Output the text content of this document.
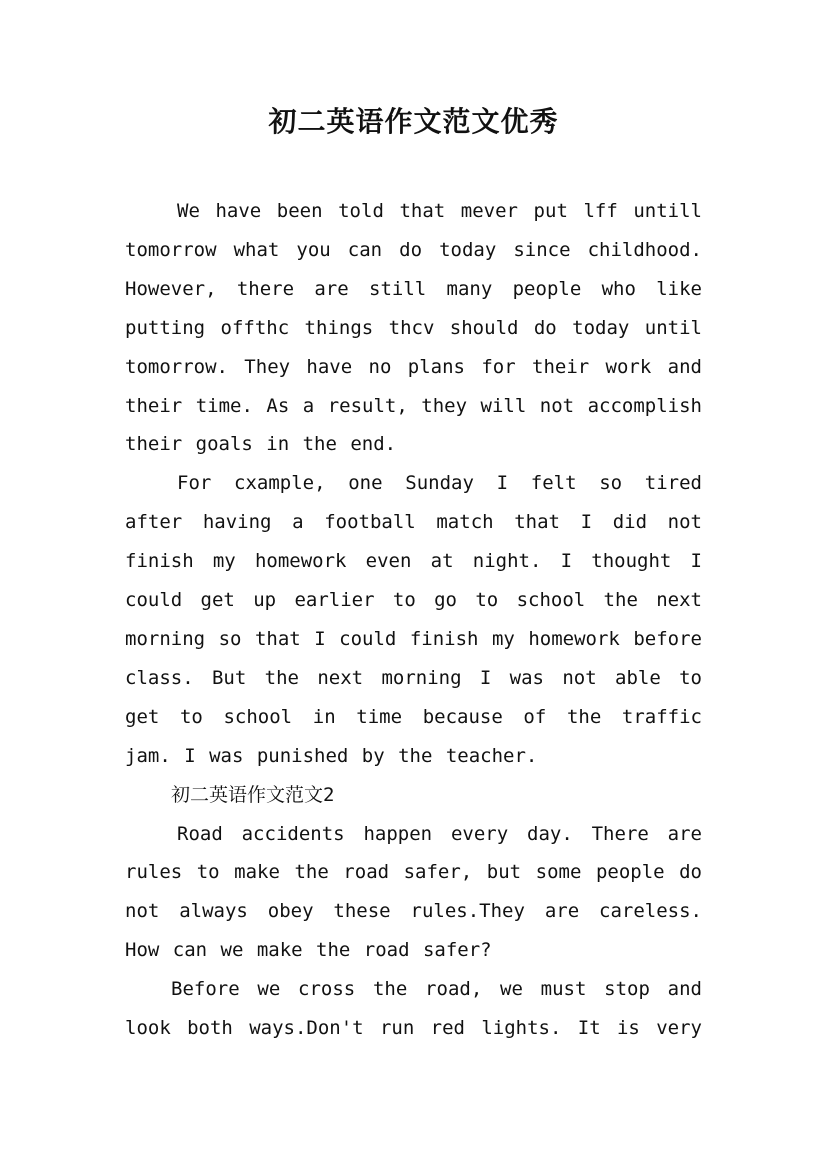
初二英语作文范文优秀

We have been told that mever put lff untill tomorrow what you can do today since childhood. However, there are still many people who like putting offthc things thcv should do today until tomorrow. They have no plans for their work and their time. As a result, they will not accomplish their goals in the end.

For cxample, one Sunday I felt so tired after having a football match that I did not finish my homework even at night. I thought I could get up earlier to go to school the next morning so that I could finish my homework before class. But the next morning I was not able to get to school in time because of the traffic jam. I was punished by the teacher.

初二英语作文范文2

Road accidents happen every day. There are rules to make the road safer, but some people do not always obey these rules.They are careless. How can we make the road safer?

Before we cross the road, we must stop and look both ways.Don't run red lights. It is very
